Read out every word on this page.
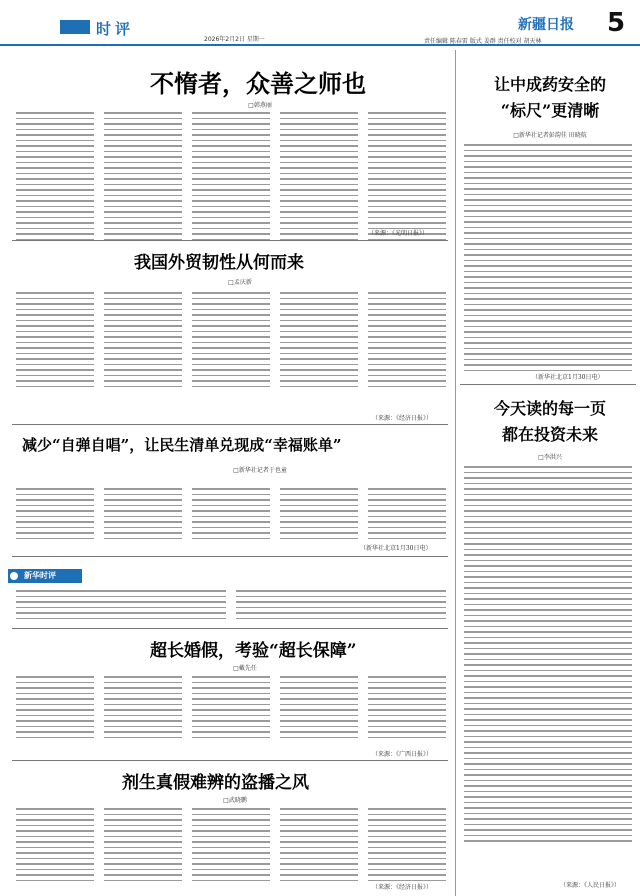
时评
2026年2月2日 星期一
新疆日报
责任编辑 陈春雷 版式 姜群 责任校对 胡天林
5
不惰者，众善之师也
□韩燕丽
（来源：《光明日报》）
我国外贸韧性从何而来
□孟庆新
（来源：《经济日报》）
减少“自弹自唱”，让民生清单兑现成“幸福账单”
□新华社记者于也童
新华时评
（新华社北京1月30日电）
超长婚假，考验“超长保障”
□戴先任
（来源：《广西日报》）
剂生真假难辨的盗播之风
□武晓鹏
（来源：《经济日报》）
让中成药安全的
“标尺”更清晰
□新华社记者彭韵佳 田晓航
（新华社北京1月30日电）
今天读的每一页
都在投资未来
□李洪兴
（来源：《人民日报》）
